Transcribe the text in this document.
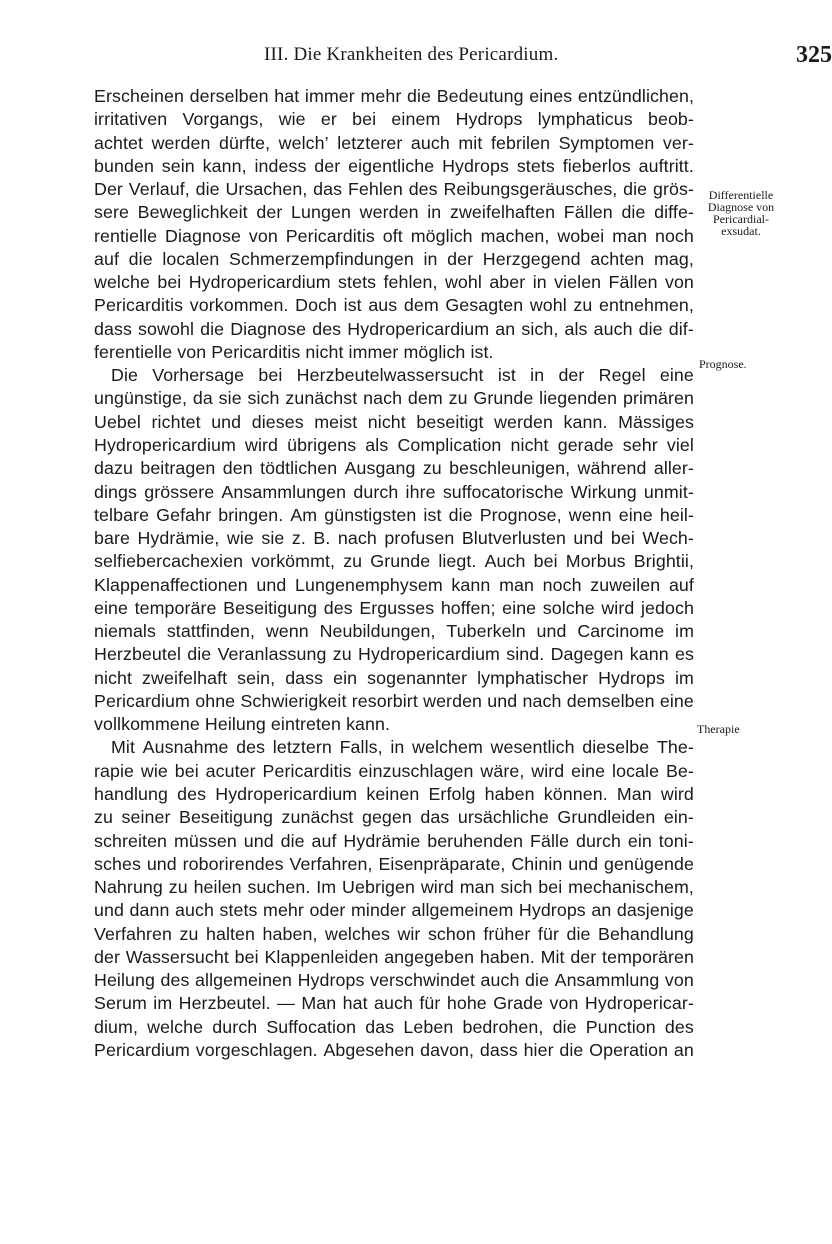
III. Die Krankheiten des Pericardium.	325
Differentielle
Diagnose von
Pericardial-
exsudat.
Prognose.
Therapie
Erscheinen derselben hat immer mehr die Bedeutung eines entzündlichen,
irritativen Vorgangs, wie er bei einem Hydrops lymphaticus beob-
achtet werden dürfte, welch’ letzterer auch mit febrilen Symptomen ver-
bunden sein kann, indess der eigentliche Hydrops stets fieberlos auftritt.
Der Verlauf, die Ursachen, das Fehlen des Reibungsgeräusches, die grös-
sere Beweglichkeit der Lungen werden in zweifelhaften Fällen die diffe-
rentielle Diagnose von Pericarditis oft möglich machen, wobei man noch
auf die localen Schmerzempfindungen in der Herzgegend achten mag,
welche bei Hydropericardium stets fehlen, wohl aber in vielen Fällen von
Pericarditis vorkommen. Doch ist aus dem Gesagten wohl zu entnehmen,
dass sowohl die Diagnose des Hydropericardium an sich, als auch die dif-
ferentielle von Pericarditis nicht immer möglich ist.
Die Vorhersage bei Herzbeutelwassersucht ist in der Regel eine
ungünstige, da sie sich zunächst nach dem zu Grunde liegenden primären
Uebel richtet und dieses meist nicht beseitigt werden kann. Mässiges
Hydropericardium wird übrigens als Complication nicht gerade sehr viel
dazu beitragen den tödtlichen Ausgang zu beschleunigen, während aller-
dings grössere Ansammlungen durch ihre suffocatorische Wirkung unmit-
telbare Gefahr bringen. Am günstigsten ist die Prognose, wenn eine heil-
bare Hydrämie, wie sie z. B. nach profusen Blutverlusten und bei Wech-
selfiebercachexien vorkömmt, zu Grunde liegt. Auch bei Morbus Brightii,
Klappenaffectionen und Lungenemphysem kann man noch zuweilen auf
eine temporäre Beseitigung des Ergusses hoffen; eine solche wird jedoch
niemals stattfinden, wenn Neubildungen, Tuberkeln und Carcinome im
Herzbeutel die Veranlassung zu Hydropericardium sind. Dagegen kann es
nicht zweifelhaft sein, dass ein sogenannter lymphatischer Hydrops im
Pericardium ohne Schwierigkeit resorbirt werden und nach demselben eine
vollkommene Heilung eintreten kann.
Mit Ausnahme des letztern Falls, in welchem wesentlich dieselbe The-
rapie wie bei acuter Pericarditis einzuschlagen wäre, wird eine locale Be-
handlung des Hydropericardium keinen Erfolg haben können. Man wird
zu seiner Beseitigung zunächst gegen das ursächliche Grundleiden ein-
schreiten müssen und die auf Hydrämie beruhenden Fälle durch ein toni-
sches und roborirendes Verfahren, Eisenpräparate, Chinin und genügende
Nahrung zu heilen suchen. Im Uebrigen wird man sich bei mechanischem,
und dann auch stets mehr oder minder allgemeinem Hydrops an dasjenige
Verfahren zu halten haben, welches wir schon früher für die Behandlung
der Wassersucht bei Klappenleiden angegeben haben. Mit der temporären
Heilung des allgemeinen Hydrops verschwindet auch die Ansammlung von
Serum im Herzbeutel. — Man hat auch für hohe Grade von Hydropericar-
dium, welche durch Suffocation das Leben bedrohen, die Punction des
Pericardium vorgeschlagen. Abgesehen davon, dass hier die Operation an
